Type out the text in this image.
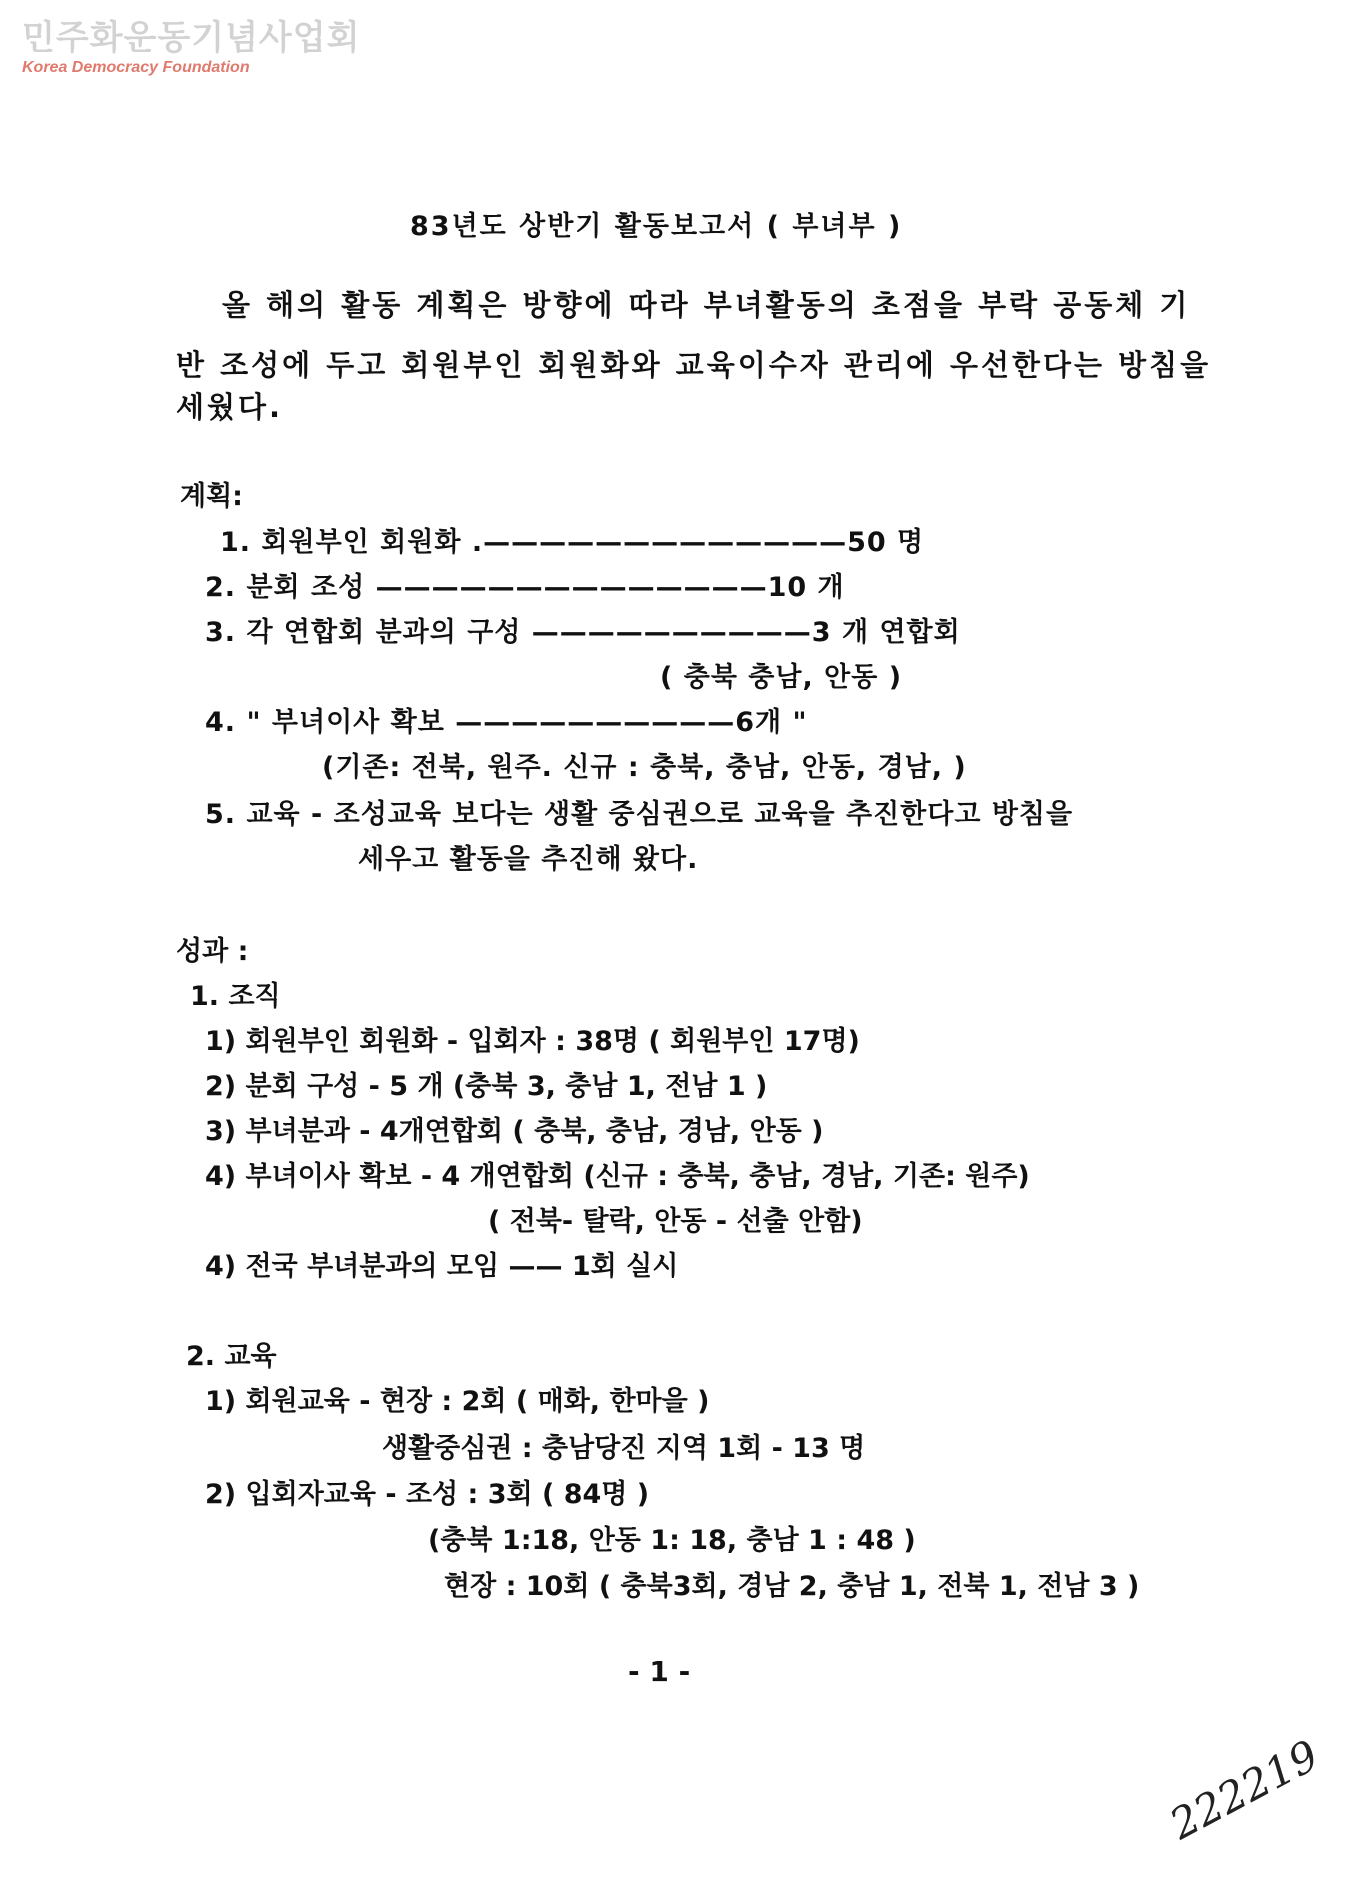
민주화운동기념사업회
Korea Democracy Foundation
83년도 상반기 활동보고서 ( 부녀부 )
올 해의 활동 계획은 방향에 따라 부녀활동의 초점을 부락 공동체 기
반 조성에 두고 회원부인 회원화와 교육이수자 관리에 우선한다는 방침을
세웠다.
계획:
1. 회원부인 회원화 .—————————————50 명
2. 분회 조성 ——————————————10 개
3. 각 연합회 분과의 구성 ——————————3 개 연합회
( 충북 충남, 안동 )
4. " 부녀이사 확보 ——————————6개 "
(기존: 전북, 원주. 신규 : 충북, 충남, 안동, 경남, )
5. 교육 - 조성교육 보다는 생활 중심권으로 교육을 추진한다고 방침을
세우고 활동을 추진해 왔다.
성과 :
1. 조직
1) 회원부인 회원화 - 입회자 : 38명 ( 회원부인 17명)
2) 분회 구성 - 5 개 (충북 3, 충남 1, 전남 1 )
3) 부녀분과 - 4개연합회 ( 충북, 충남, 경남, 안동 )
4) 부녀이사 확보 - 4 개연합회 (신규 : 충북, 충남, 경남, 기존: 원주)
( 전북- 탈락, 안동 - 선출 안함)
4) 전국 부녀분과의 모임 —— 1회 실시
2. 교육
1) 회원교육 - 현장 : 2회 ( 매화, 한마을 )
생활중심권 : 충남당진 지역 1회 - 13 명
2) 입회자교육 - 조성 : 3회 ( 84명 )
(충북 1:18, 안동 1: 18, 충남 1 : 48 )
현장 : 10회 ( 충북3회, 경남 2, 충남 1, 전북 1, 전남 3 )
- 1 -
222219
